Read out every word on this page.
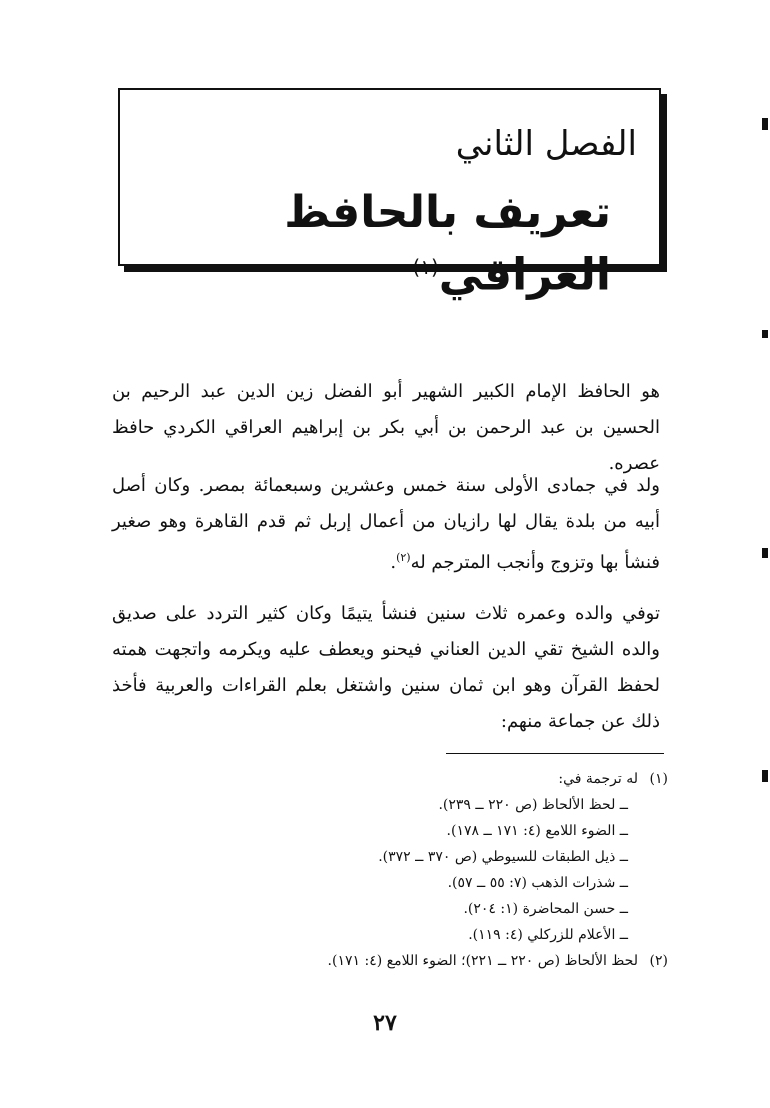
الفصل الثاني
تعريف بالحافظ العراقي$^{(١)}$

هو الحافظ الإمام الكبير الشهير أبو الفضل زين الدين عبد الرحيم بن الحسين بن عبد الرحمن بن أبي بكر بن إبراهيم العراقي الكردي حافظ عصره.

ولد في جمادى الأولى سنة خمس وعشرين وسبعمائة بمصر. وكان أصل أبيه من بلدة يقال لها رازيان من أعمال إربل ثم قدم القاهرة وهو صغير فنشأ بها وتزوج وأنجب المترجم له$^{(٢)}$.

توفي والده وعمره ثلاث سنين فنشأ يتيمًا وكان كثير التردد على صديق والده الشيخ تقي الدين العناني فيحنو ويعطف عليه ويكرمه واتجهت همته لحفظ القرآن وهو ابن ثمان سنين واشتغل بعلم القراءات والعربية فأخذ ذلك عن جماعة منهم:

(١)له ترجمة في:
ــ لحظ الألحاظ (ص ٢٢٠ ــ ٢٣٩).
ــ الضوء اللامع (٤: ١٧١ ــ ١٧٨).
ــ ذيل الطبقات للسيوطي (ص ٣٧٠ ــ ٣٧٢).
ــ شذرات الذهب (٧: ٥٥ ــ ٥٧).
ــ حسن المحاضرة (١: ٢٠٤).
ــ الأعلام للزركلي (٤: ١١٩).
(٢)لحظ الألحاظ (ص ٢٢٠ ــ ٢٢١)؛ الضوء اللامع (٤: ١٧١).
٢٧
